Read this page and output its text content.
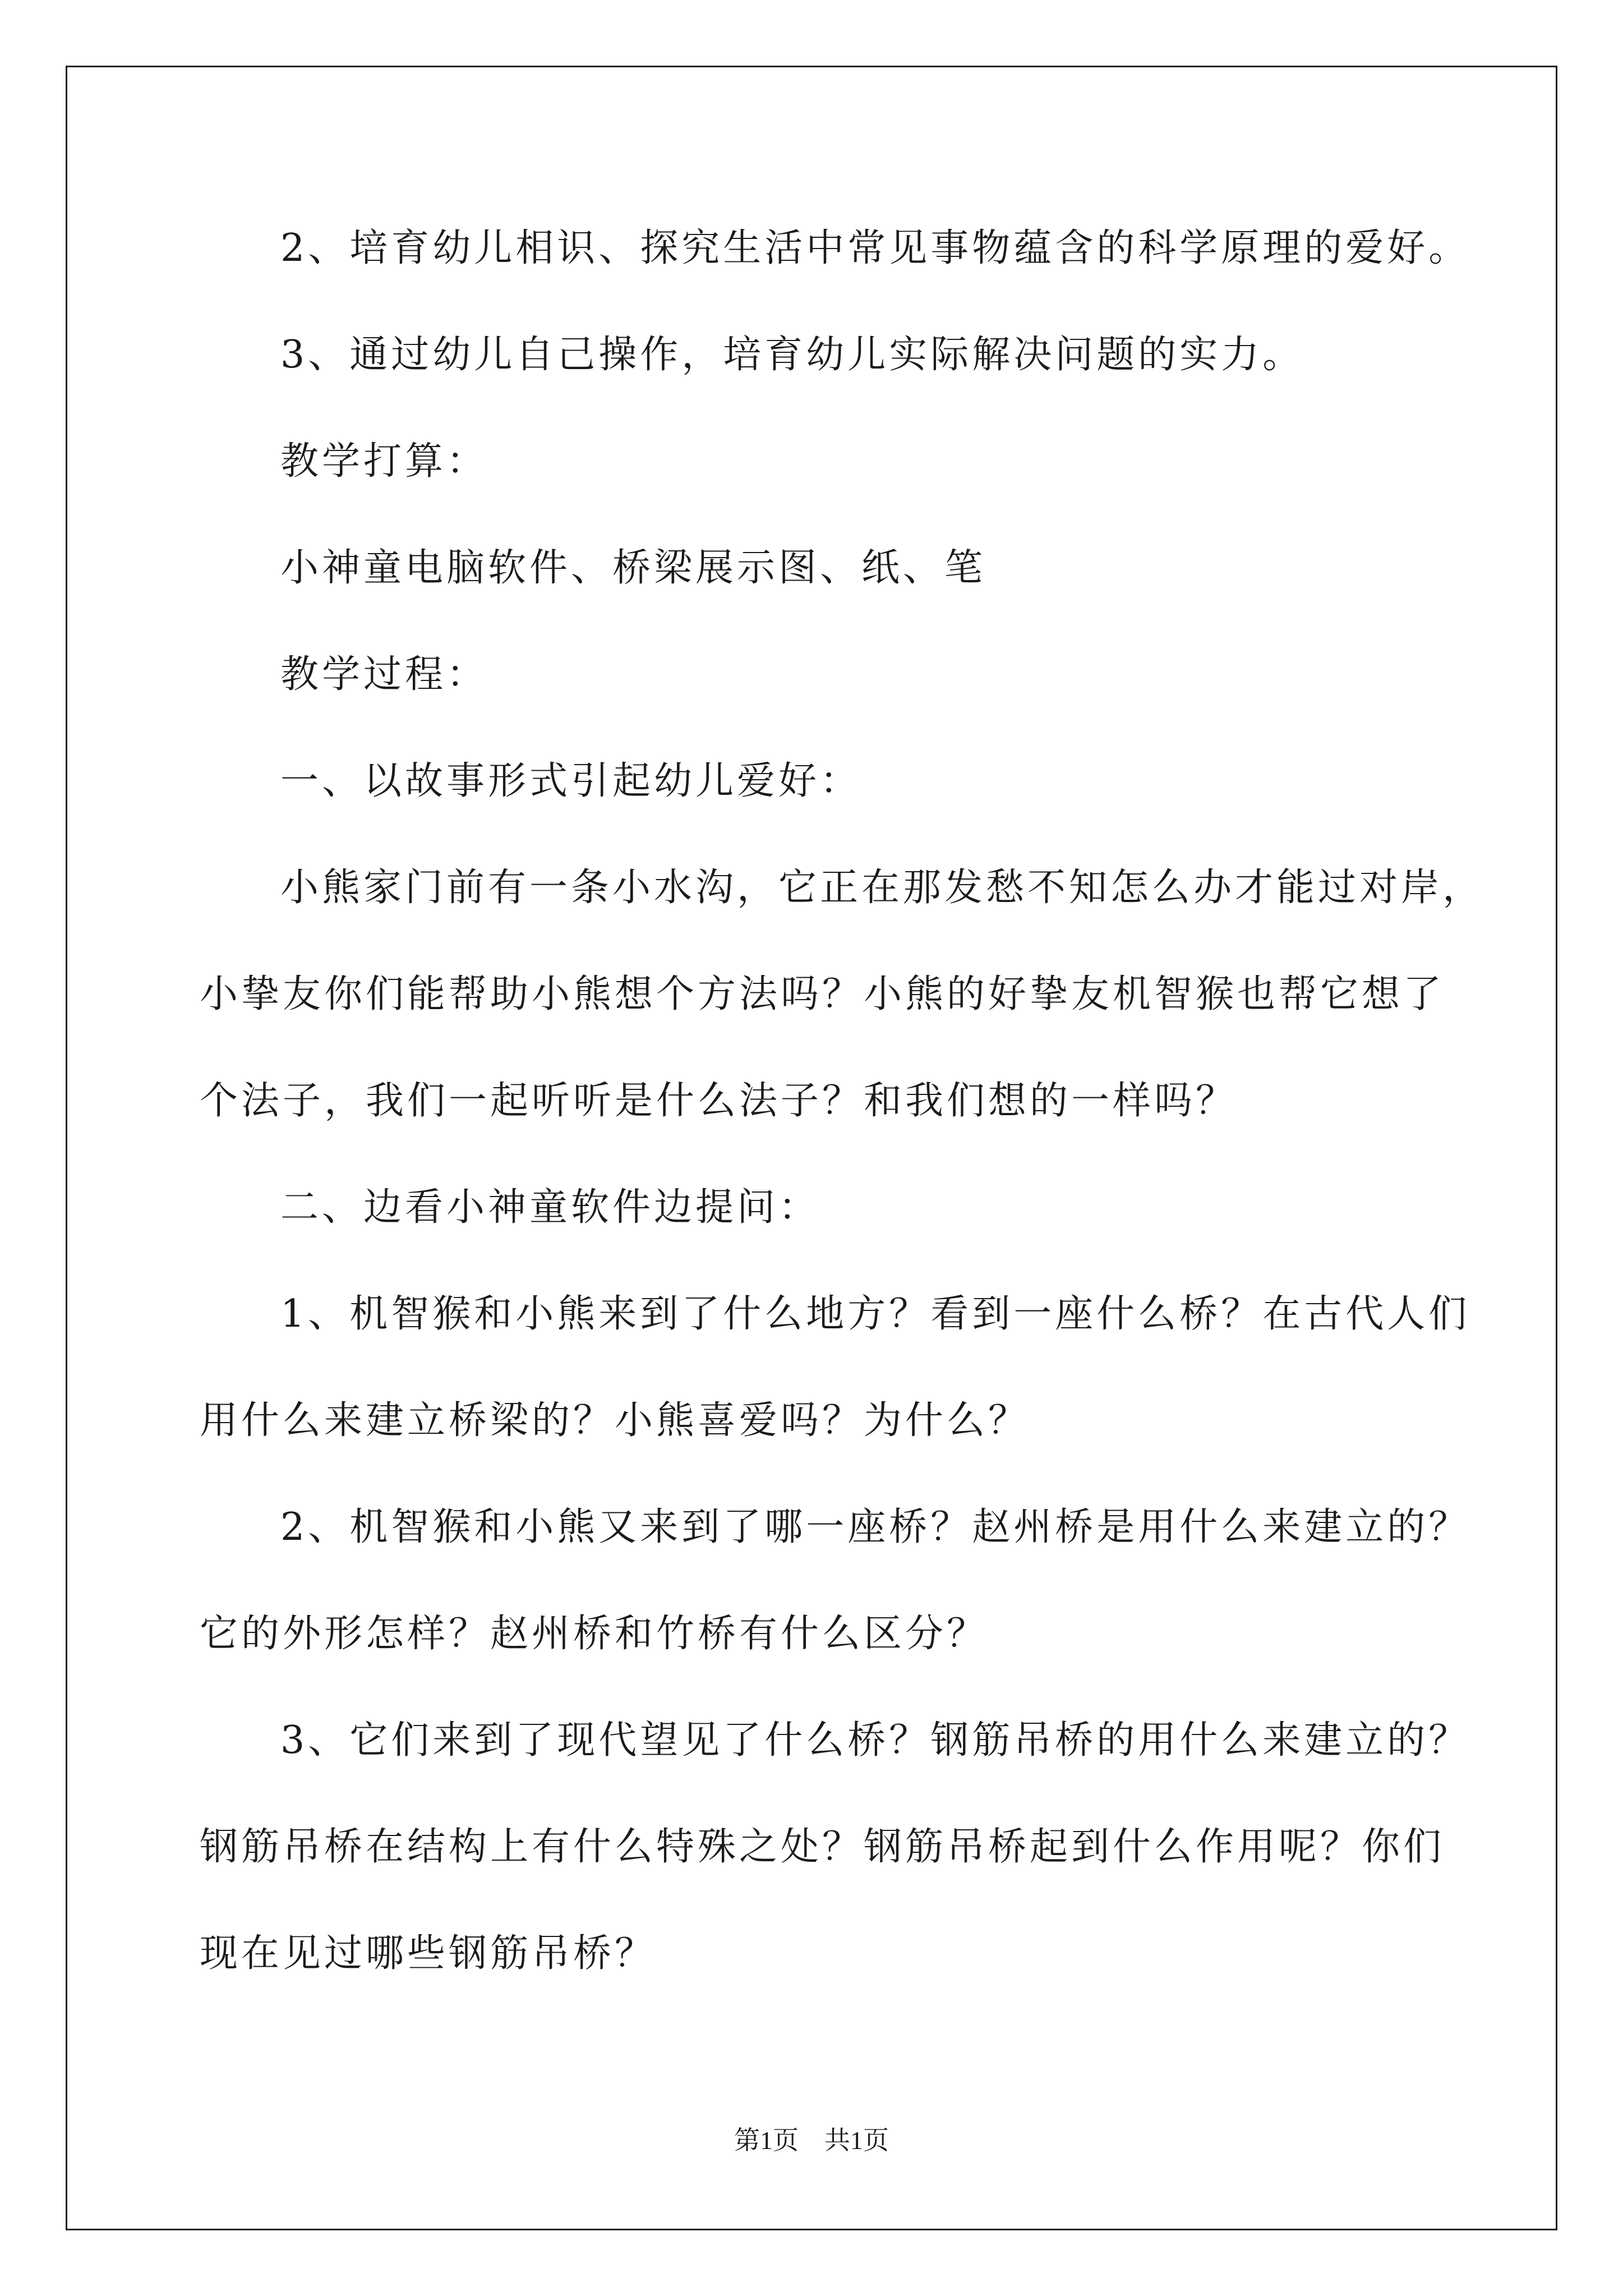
2、培育幼儿相识、探究生活中常见事物蕴含的科学原理的爱好。
3、通过幼儿自己操作，培育幼儿实际解决问题的实力。
教学打算：
小神童电脑软件、桥梁展示图、纸、笔
教学过程：
一、以故事形式引起幼儿爱好：
小熊家门前有一条小水沟，它正在那发愁不知怎么办才能过对岸，
小挚友你们能帮助小熊想个方法吗？小熊的好挚友机智猴也帮它想了
个法子，我们一起听听是什么法子？和我们想的一样吗？
二、边看小神童软件边提问：
1、机智猴和小熊来到了什么地方？看到一座什么桥？在古代人们
用什么来建立桥梁的？小熊喜爱吗？为什么？
2、机智猴和小熊又来到了哪一座桥？赵州桥是用什么来建立的？
它的外形怎样？赵州桥和竹桥有什么区分？
3、它们来到了现代望见了什么桥？钢筋吊桥的用什么来建立的？
钢筋吊桥在结构上有什么特殊之处？钢筋吊桥起到什么作用呢？你们
现在见过哪些钢筋吊桥？
第1页　共1页
